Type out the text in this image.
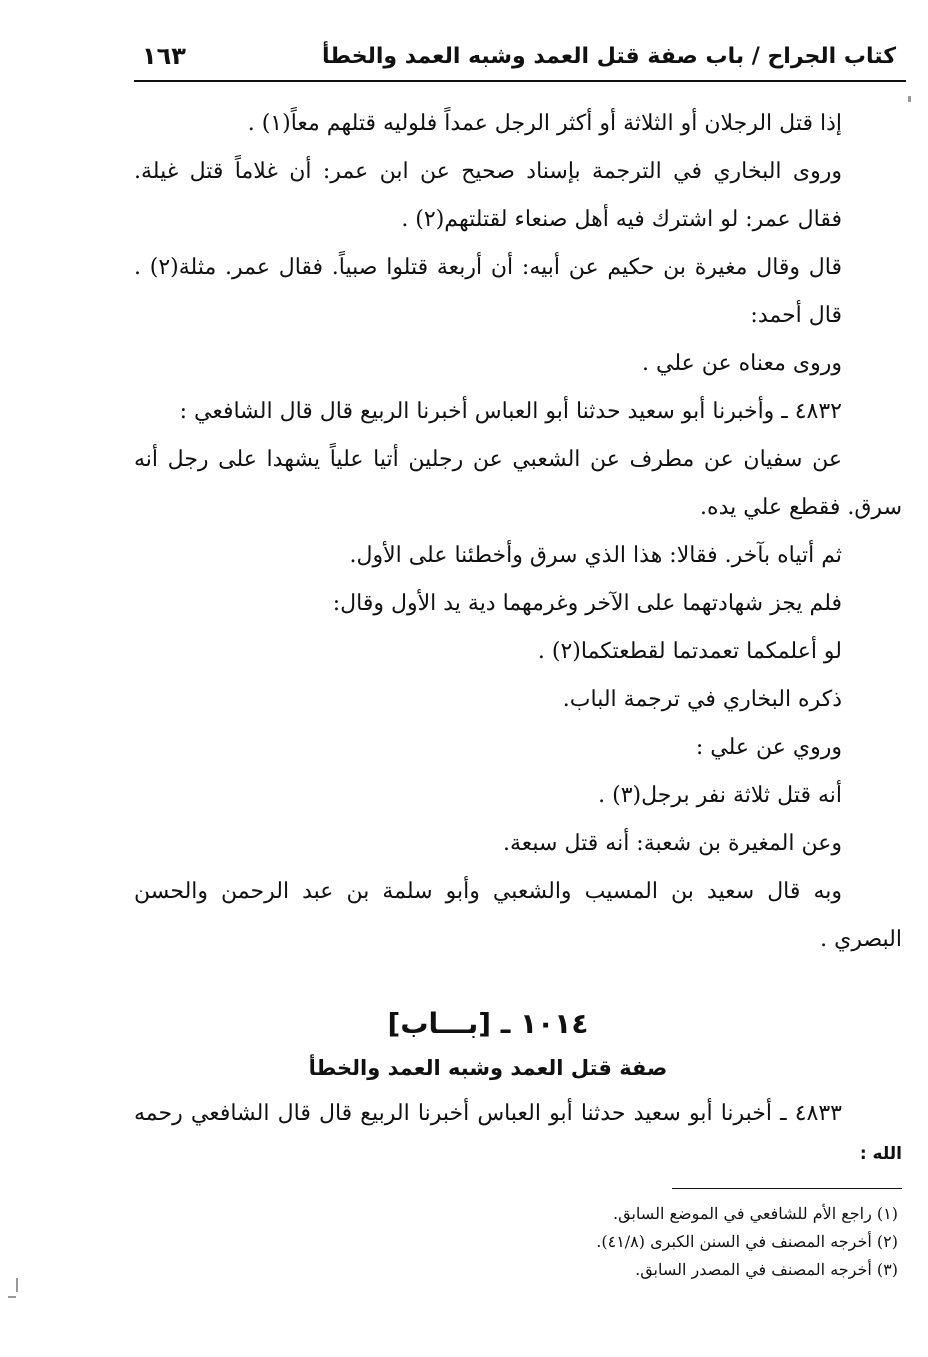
كتاب الجراح / باب صفة قتل العمد وشبه العمد والخطأ
١٦٣

إذا قتل الرجلان أو الثلاثة أو أكثر الرجل عمداً فلوليه قتلهم معاً(١) .

وروى البخاري في الترجمة بإسناد صحيح عن ابن عمر: أن غلاماً قتل غيلة.

فقال عمر: لو اشترك فيه أهل صنعاء لقتلتهم(٢) .

قال وقال مغيرة بن حكيم عن أبيه: أن أربعة قتلوا صبياً. فقال عمر. مثلة(٢) .

قال أحمد:

وروى معناه عن علي .

٤٨٣٢ ـ وأخبرنا أبو سعيد حدثنا أبو العباس أخبرنا الربيع قال قال الشافعي :

عن سفيان عن مطرف عن الشعبي عن رجلين أتيا علياً يشهدا على رجل أنه

سرق. فقطع علي يده.

ثم أتياه بآخر. فقالا: هذا الذي سرق وأخطئنا على الأول.

فلم يجز شهادتهما على الآخر وغرمهما دية يد الأول وقال:

لو أعلمكما تعمدتما لقطعتكما(٢) .

ذكره البخاري في ترجمة الباب.

وروي عن علي :

أنه قتل ثلاثة نفر برجل(٣) .

وعن المغيرة بن شعبة: أنه قتل سبعة.

وبه قال سعيد بن المسيب والشعبي وأبو سلمة بن عبد الرحمن والحسن

البصري .

١٠١٤ ـ [بـــاب]
صفة قتل العمد وشبه العمد والخطأ

٤٨٣٣ ـ أخبرنا أبو سعيد حدثنا أبو العباس أخبرنا الربيع قال قال الشافعي رحمه

الله :

(١) راجع الأم للشافعي في الموضع السابق.
(٢) أخرجه المصنف في السنن الكبرى (٤١/٨).
(٣) أخرجه المصنف في المصدر السابق.
